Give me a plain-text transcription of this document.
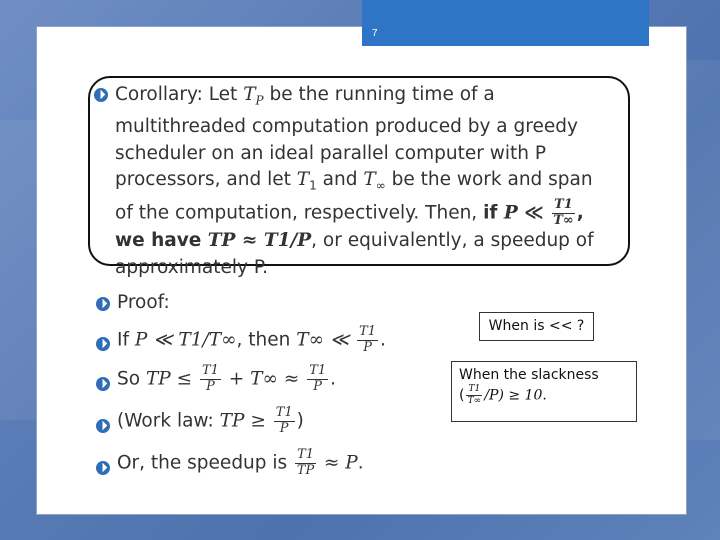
7
Corollary: Let $T_P$ be the running time of a multithreaded computation produced by a greedy scheduler on an ideal parallel computer with P processors, and let $T_1$ and $T_\infty$ be the work and span of the computation, respectively. Then, if P ≪ $\frac{T1}{T\infty}$ , we have TP ≈ T1/P, or equivalently, a speedup of approximately P.
Proof:
If P ≪ T1/T∞, then T∞ ≪ $\frac{T1}{P}$ .
So TP ≤ $\frac{T1}{P} + T\infty \approx \frac{T1}{P}$ .
(Work law: TP ≥ $\frac{T1}{P}$ )
Or, the speedup is $\frac{T1}{TP} \approx P$.
When is << ?
When the slackness
( $\frac{T1}{T\infty} /P) \ge 10$.
